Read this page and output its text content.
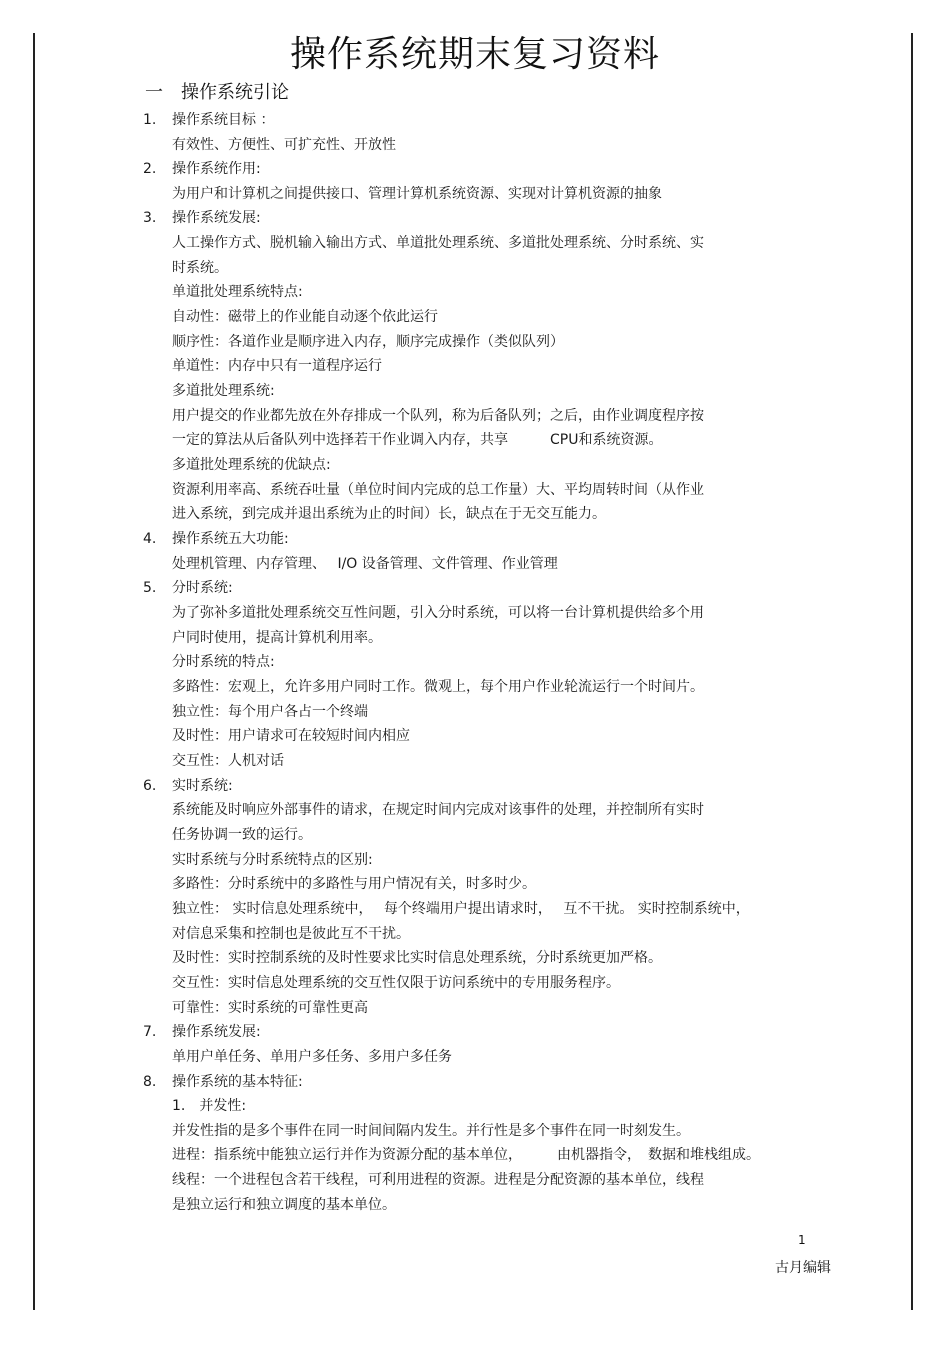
操作系统期末复习资料
一 操作系统引论
1. 操作系统目标 ：
有效性、方便性、可扩充性、开放性
2. 操作系统作用:
为用户和计算机之间提供接口、管理计算机系统资源、实现对计算机资源的抽象
3. 操作系统发展:
人工操作方式、脱机输入输出方式、单道批处理系统、多道批处理系统、分时系统、实
时系统。
单道批处理系统特点:
自动性：磁带上的作业能自动逐个依此运行
顺序性：各道作业是顺序进入内存，顺序完成操作（类似队列）
单道性：内存中只有一道程序运行
多道批处理系统:
用户提交的作业都先放在外存排成一个队列，称为后备队列；之后，由作业调度程序按
一定的算法从后备队列中选择若干作业调入内存，共享　　　CPU和系统资源。
多道批处理系统的优缺点:
资源利用率高、系统吞吐量（单位时间内完成的总工作量）大、平均周转时间（从作业
进入系统，到完成并退出系统为止的时间）长，缺点在于无交互能力。
4. 操作系统五大功能:
处理机管理、内存管理、　 I/O 设备管理、文件管理、作业管理
5. 分时系统:
为了弥补多道批处理系统交互性问题，引入分时系统，可以将一台计算机提供给多个用
户同时使用，提高计算机利用率。
分时系统的特点:
多路性：宏观上，允许多用户同时工作。微观上，每个用户作业轮流运行一个时间片。
独立性：每个用户各占一个终端
及时性：用户请求可在较短时间内相应
交互性：人机对话
6. 实时系统:
系统能及时响应外部事件的请求，在规定时间内完成对该事件的处理，并控制所有实时
任务协调一致的运行。
实时系统与分时系统特点的区别:
多路性：分时系统中的多路性与用户情况有关，时多时少。
独立性： 实时信息处理系统中，　 每个终端用户提出请求时，　 互不干扰。 实时控制系统中，
对信息采集和控制也是彼此互不干扰。
及时性：实时控制系统的及时性要求比实时信息处理系统，分时系统更加严格。
交互性：实时信息处理系统的交互性仅限于访问系统中的专用服务程序。
可靠性：实时系统的可靠性更高
7. 操作系统发展:
单用户单任务、单用户多任务、多用户多任务
8. 操作系统的基本特征:
1.　并发性:
并发性指的是多个事件在同一时间间隔内发生。并行性是多个事件在同一时刻发生。
进程：指系统中能独立运行并作为资源分配的基本单位，　　　由机器指令，　数据和堆栈组成。
线程：一个进程包含若干线程，可利用进程的资源。进程是分配资源的基本单位，线程
是独立运行和独立调度的基本单位。
1
古月编辑
